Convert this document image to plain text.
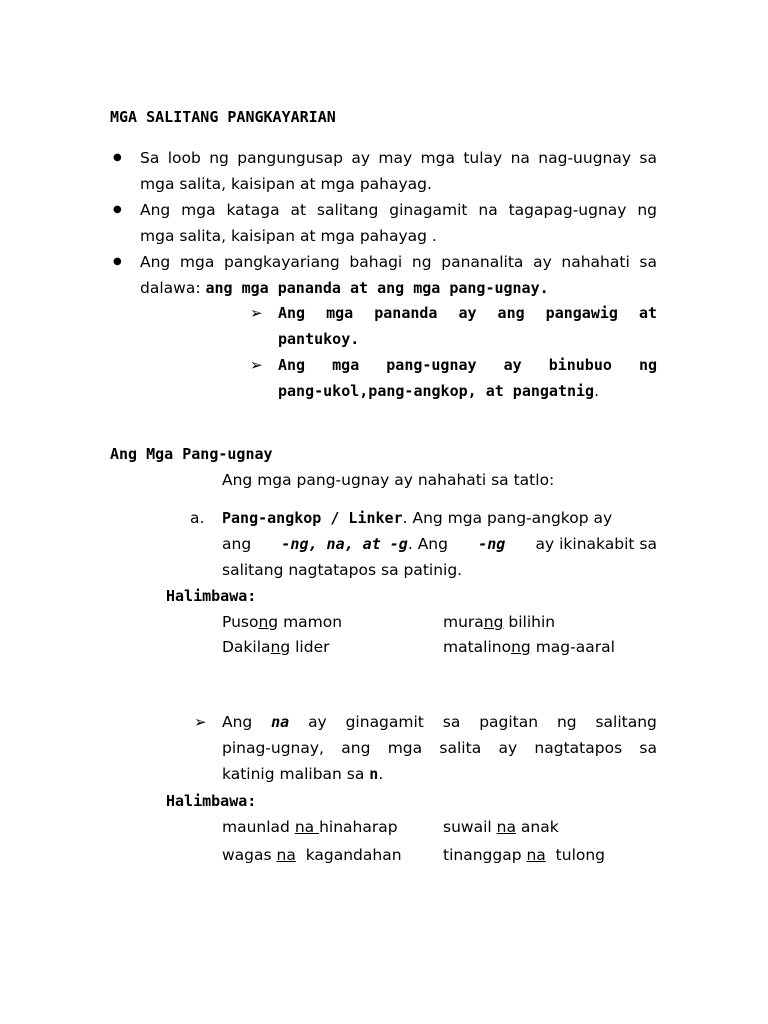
MGA SALITANG PANGKAYARIAN
● Sa loob ng pangungusap ay may mga tulay na nag-uugnay sa
mga salita, kaisipan at mga pahayag.
● Ang mga kataga at salitang ginagamit na tagapag-ugnay ng
mga salita, kaisipan at mga pahayag .
● Ang mga pangkayariang bahagi ng pananalita ay nahahati sa
dalawa: ang mga pananda at ang mga pang-ugnay.
➢ Ang mga pananda ay ang pangawig at
pantukoy.
➢ Ang mga pang-ugnay ay binubuo ng
pang-ukol,pang-angkop, at pangatnig.
Ang Mga Pang-ugnay
Ang mga pang-ugnay ay nahahati sa tatlo:
a. Pang-angkop / Linker. Ang mga pang-angkop ay
ang -ng, na, at -g. Ang -ng ay ikinakabit sa
salitang nagtatapos sa patinig.
Halimbawa:
Pusong mamon	murang bilihin
Dakilang lider	matalinong mag-aaral
➢ Ang na ay ginagamit sa pagitan ng salitang
pinag-ugnay, ang mga salita ay nagtatapos sa
katinig maliban sa n.
Halimbawa:
maunlad na hinaharap	suwail na anak
wagas na  kagandahan	tinanggap na  tulong
